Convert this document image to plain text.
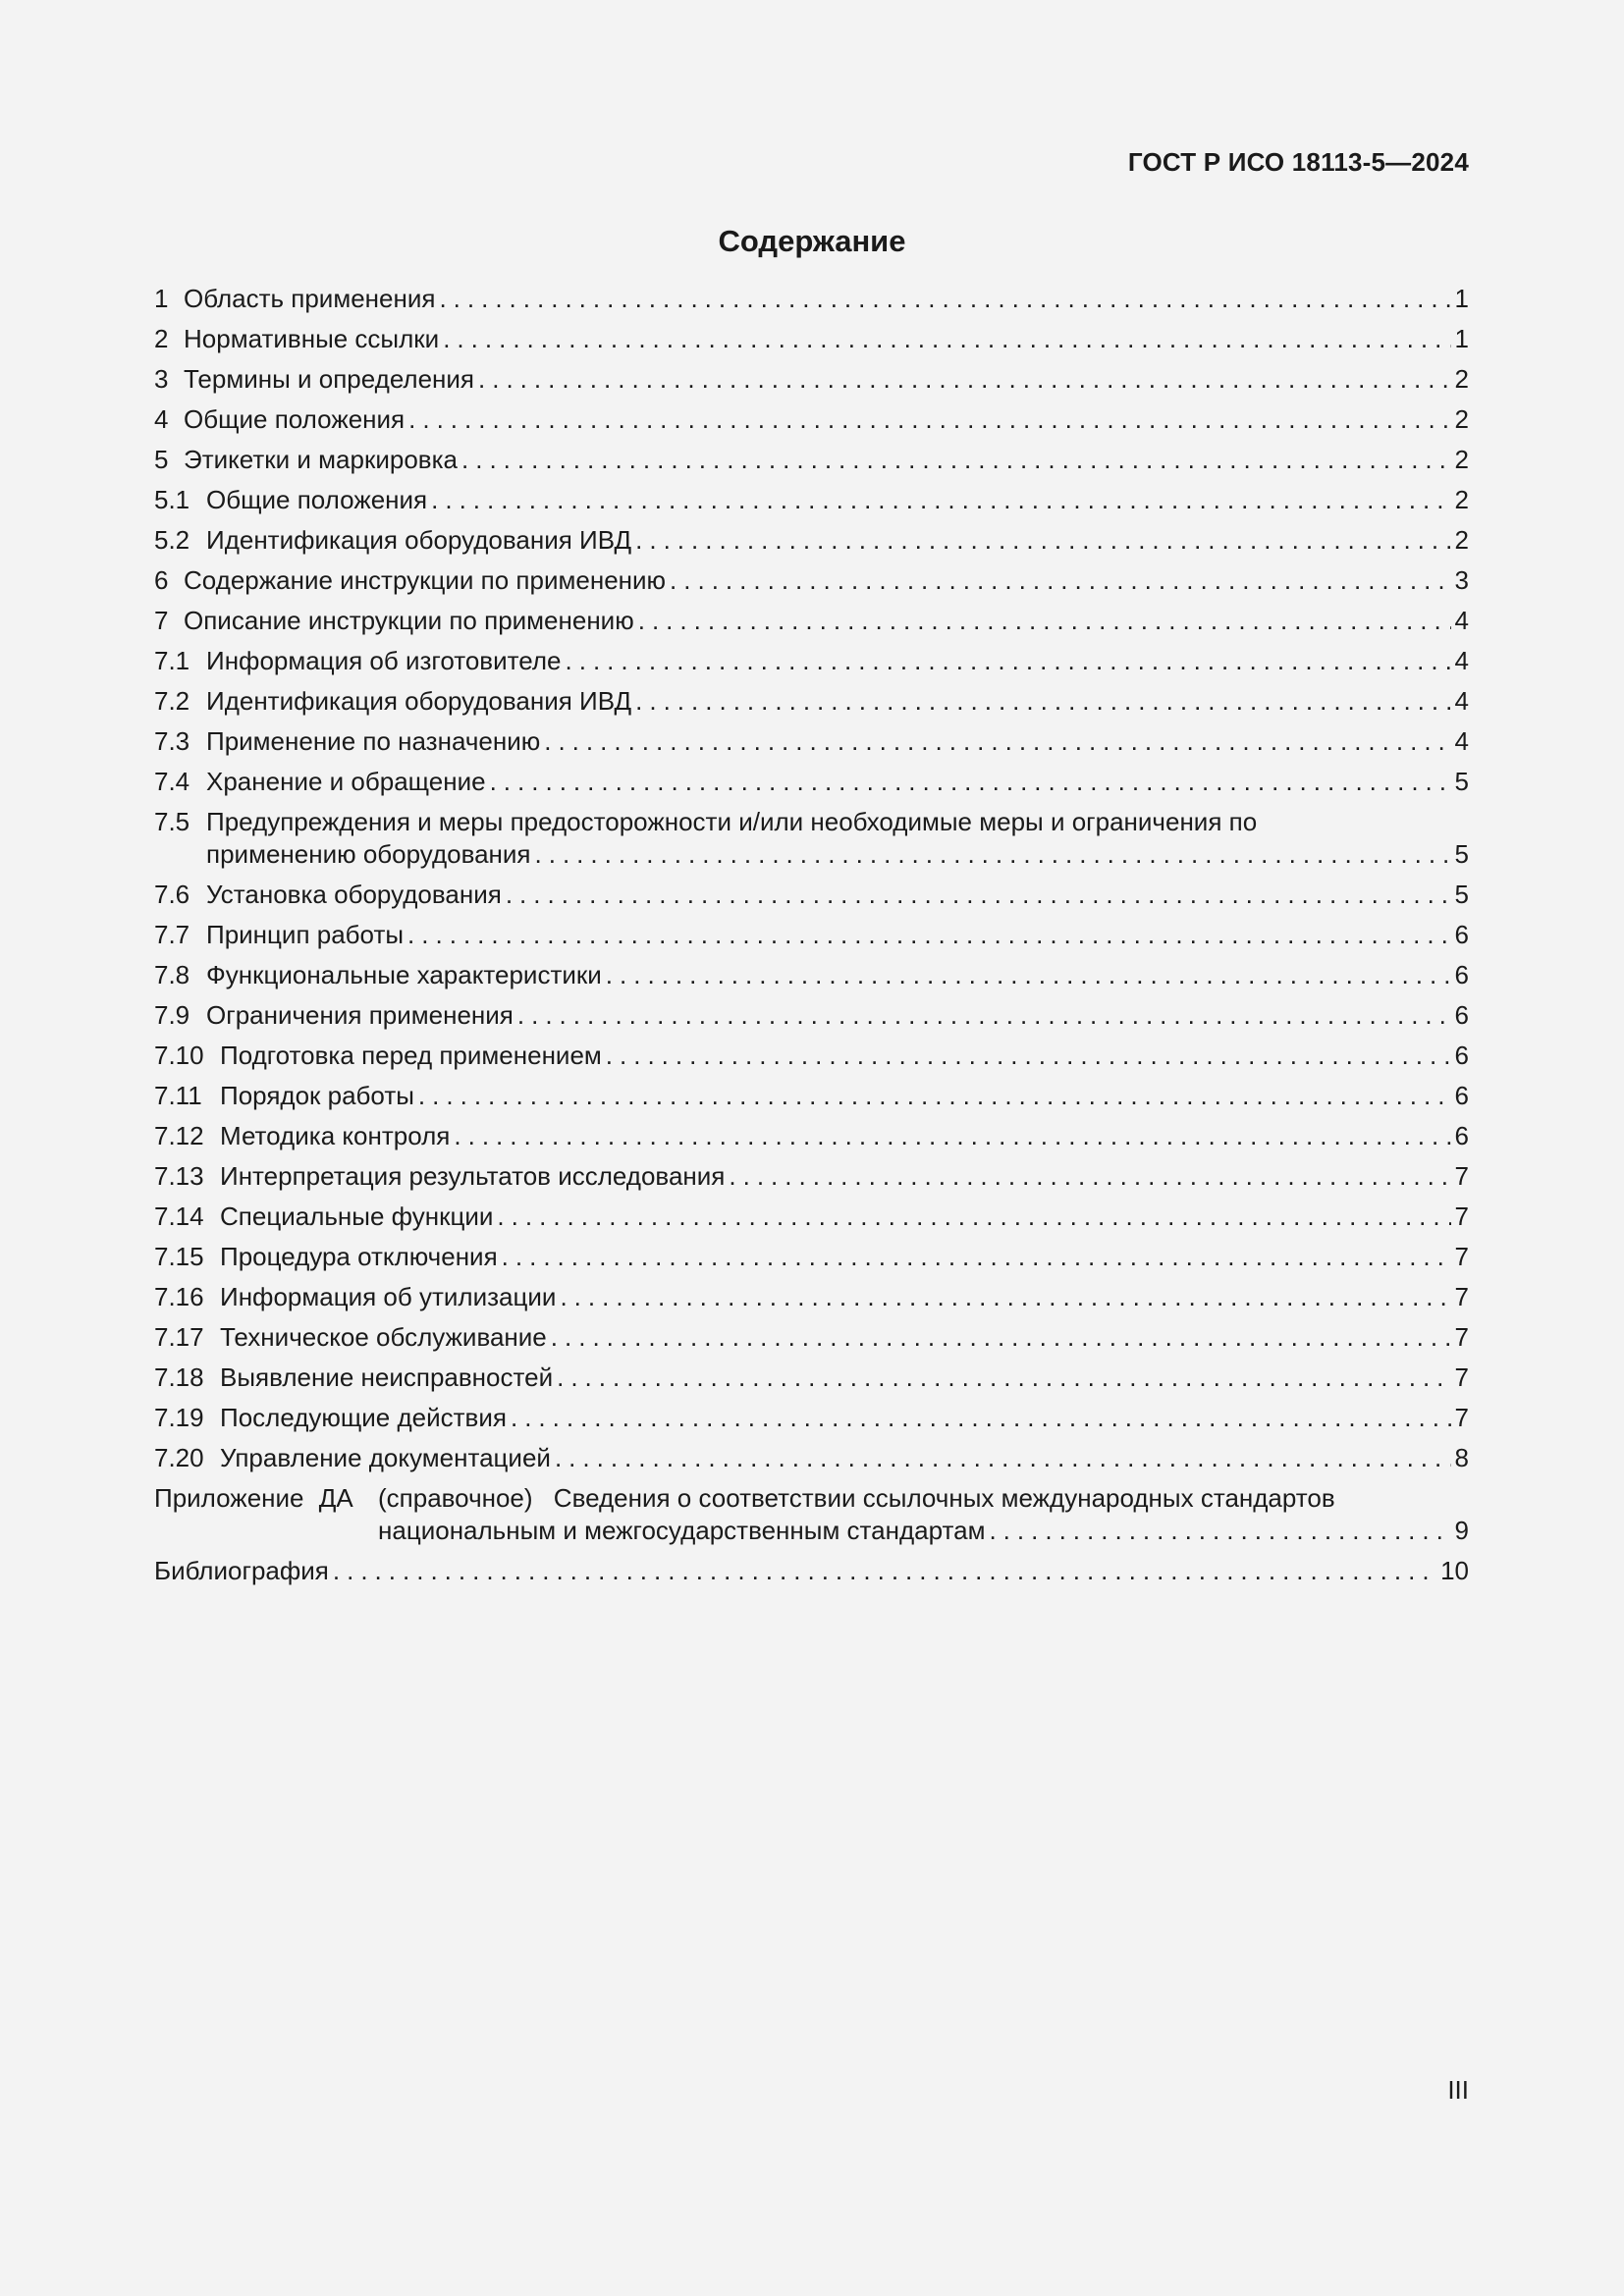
ГОСТ Р ИСО 18113-5—2024
Содержание
1 Область применения .....	1
2 Нормативные ссылки .....	1
3 Термины и определения .....	2
4 Общие положения .....	2
5 Этикетки и маркировка .....	2
5.1 Общие положения .....	2
5.2 Идентификация оборудования ИВД .....	2
6 Содержание инструкции по применению .....	3
7 Описание инструкции по применению .....	4
7.1 Информация об изготовителе .....	4
7.2 Идентификация оборудования ИВД .....	4
7.3 Применение по назначению .....	4
7.4 Хранение и обращение .....	5
7.5 Предупреждения и меры предосторожности и/или необходимые меры и ограничения по
применению оборудования .....	5
7.6 Установка оборудования .....	5
7.7 Принцип работы .....	6
7.8 Функциональные характеристики .....	6
7.9 Ограничения применения .....	6
7.10 Подготовка перед применением .....	6
7.11 Порядок работы .....	6
7.12 Методика контроля .....	6
7.13 Интерпретация результатов исследования .....	7
7.14 Специальные функции .....	7
7.15 Процедура отключения .....	7
7.16 Информация об утилизации .....	7
7.17 Техническое обслуживание .....	7
7.18 Выявление неисправностей .....	7
7.19 Последующие действия .....	7
7.20 Управление документацией .....	8
Приложение ДА (справочное) Сведения о соответствии ссылочных международных стандартов
национальным и межгосударственным стандартам .....	9
Библиография .....	10
III
